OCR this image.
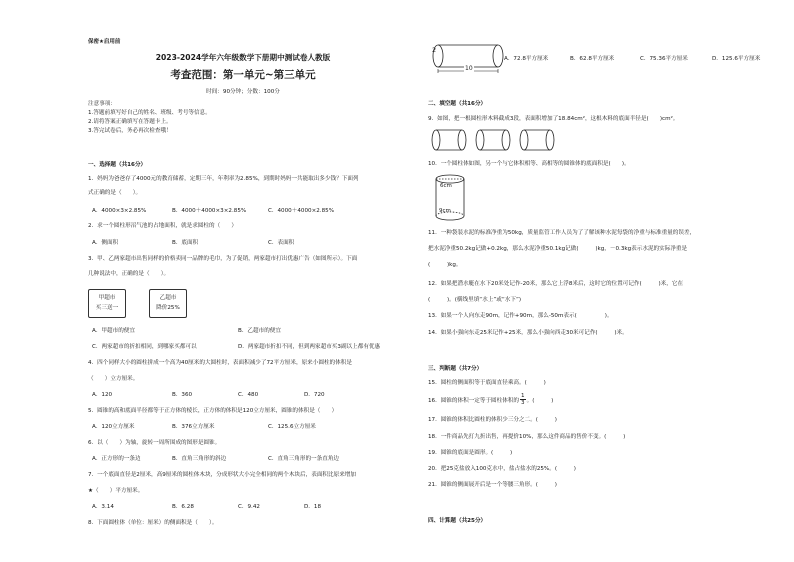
保密★启用前
2023-2024学年六年级数学下册期中测试卷人教版
考查范围：第一单元~第三单元
时间：90分钟；分数：100分
注意事项：
1.答题前填写好自己的姓名、班级、考号等信息。
2.请将答案正确填写在答题卡上。
3.答完试卷后，务必再次检查哦！
一、选择题（共16分）
1．妈妈为爸爸存了4000元的教育储蓄，定期三年，年利率为2.85%，到期时妈妈一共能取出多少钱？下面列
式正确的是（　　）。
A．4000×3×2.85%	B．4000＋4000×3×2.85%	C．4000＋4000×2.85%
2．求一个圆柱形沼气池的占地面积，就是求圆柱的（　　）
A．侧面积	B．底面积	C．表面积
3．甲、乙两家超市出售同样的价格卖同一品牌的毛巾，为了促销，两家超市打出优惠广告（如图所示）。下面
几种说法中，正确的是（　　）。
甲超市
买三送一
乙超市
降价25%
A．甲超市的便宜	B．乙超市的便宜
C．两家超市的折扣相同，到哪家买都可以	D．两家超市折扣不同，但到两家超市买3副以上都有优惠
4．四个同样大小的圆柱拼成一个高为40厘米的大圆柱时，表面积减少了72平方厘米，原来小圆柱的体积是
（　　）立方厘米。
A．120	B．360	C．480	D．720
5．圆锥的高和底面半径都等于正方体的棱长，正方体的体积是120立方厘米，圆锥的体积是（　　）
A．120立方厘米	B．376立方厘米	C．125.6立方厘米
6．以（　　）为轴，旋转一周所围成的图形是圆锥。
A．正方形的一条边	B．直角三角形的斜边	C．直角三角形的一条直角边
7．一个底面直径是2厘米，高9厘米的圆柱体木块，分成形状大小完全相同的两个木块后，表面积比原来增加
★（　　）平方厘米。
A．3.14	B．6.28	C．9.42	D．18
8．下面圆柱体（单位：厘米）的侧面积是（　　）。
2
10
A．72.8平方厘米	B．62.8平方厘米	C．75.36平方厘米	D．125.6平方厘米
二、填空题（共16分）
9．如图，把一根圆柱形木料截成3段，表面积增加了18.84cm²，这根木料的底面半径是(　　)cm²。
10．一个圆柱体如图，另一个与它体积相等、高相等的圆锥体的底面积是(　　)。
6cm
9cm
11．一种袋装水泥的标准净重为50kg，质量监管工作人员为了了解该种水泥每袋的净重与标准重量的误差，
把水泥净重50.2kg记做+0.2kg，那么水泥净重50.1kg记做(　　　)kg，－0.3kg表示水泥的实际净重是
(　　　)kg。
12．如果把潜水艇在水下20米处记作-20米，那么它上浮8米后，这时它的位置可记作(　　　)米，它在
(　　　)。(横线里填“水上”或“水下”)
13．如果一个人向东走90m，记作+90m，那么-50m表示(　　　　　)。
14．如果小强向东走25米记作+25米，那么小强向西走30米可记作(　　　)米。
三、判断题（共7分）
15．圆柱的侧面积等于底面直径乘高。(　　　)
16．圆锥的体积一定等于圆柱体积的 $\frac{1}{3}$ 。(　　　)
17．圆锥的体积比圆柱的体积少三分之二。(　　　)
18．一件商品先打九折出售，再提价10%，那么这件商品的售价不变。(　　　)
19．圆锥的底面是圆形。(　　　)
20．把25克盐放入100克水中，盐占盐水的25%。(　　　)
21．圆锥的侧面展开后是一个等腰三角形。(　　　)
四、计算题（共25分）
